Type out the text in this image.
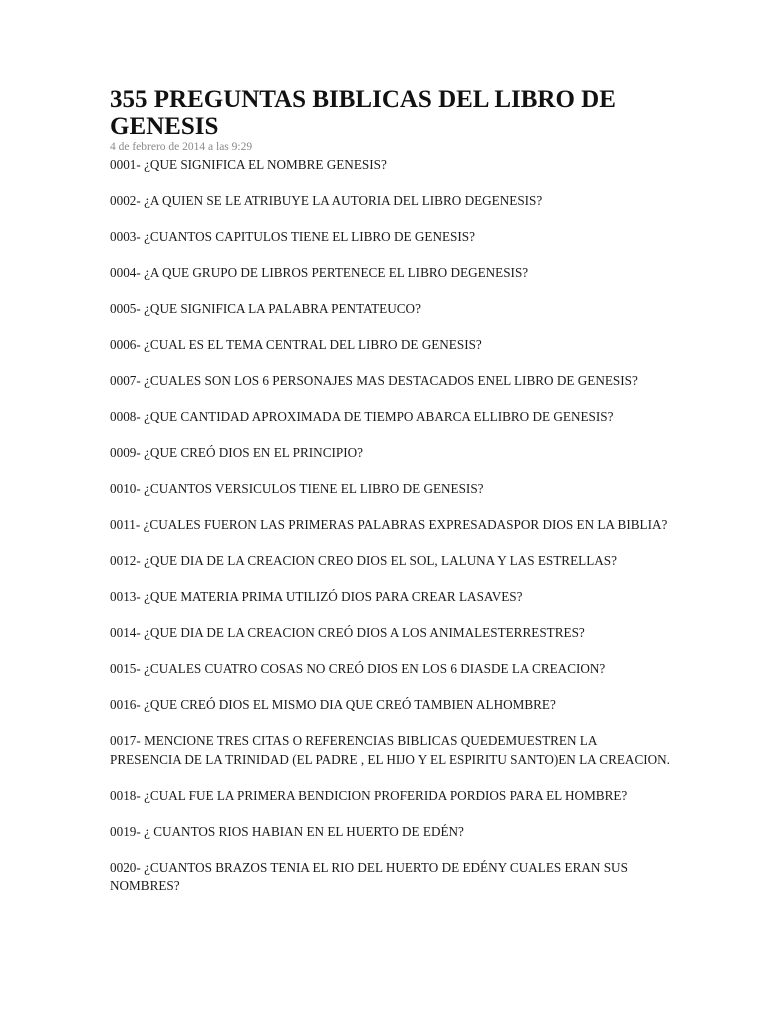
355 PREGUNTAS BIBLICAS DEL LIBRO DE GENESIS
4 de febrero de 2014 a las 9:29
0001- ¿QUE SIGNIFICA EL NOMBRE GENESIS?
0002- ¿A QUIEN SE LE ATRIBUYE LA AUTORIA DEL LIBRO DEGENESIS?
0003- ¿CUANTOS CAPITULOS TIENE EL LIBRO DE GENESIS?
0004- ¿A QUE GRUPO DE LIBROS PERTENECE EL LIBRO DEGENESIS?
0005- ¿QUE SIGNIFICA LA PALABRA PENTATEUCO?
0006- ¿CUAL ES EL TEMA CENTRAL DEL LIBRO DE GENESIS?
0007- ¿CUALES SON LOS 6 PERSONAJES MAS DESTACADOS ENEL LIBRO DE GENESIS?
0008- ¿QUE CANTIDAD APROXIMADA DE TIEMPO ABARCA ELLIBRO DE GENESIS?
0009- ¿QUE CREÓ DIOS EN EL PRINCIPIO?
0010- ¿CUANTOS VERSICULOS TIENE EL LIBRO DE GENESIS?
0011- ¿CUALES FUERON LAS PRIMERAS PALABRAS EXPRESADASPOR DIOS EN LA BIBLIA?
0012- ¿QUE DIA DE LA CREACION CREO DIOS EL SOL, LALUNA Y LAS ESTRELLAS?
0013- ¿QUE MATERIA PRIMA UTILIZÓ DIOS PARA CREAR LASAVES?
0014- ¿QUE DIA DE LA CREACION CREÓ DIOS A LOS ANIMALESTERRESTRES?
0015- ¿CUALES CUATRO COSAS NO CREÓ DIOS EN LOS 6 DIASDE LA CREACION?
0016- ¿QUE CREÓ DIOS EL MISMO DIA QUE CREÓ TAMBIEN ALHOMBRE?
0017- MENCIONE TRES CITAS O REFERENCIAS BIBLICAS QUEDEMUESTREN LA PRESENCIA DE LA TRINIDAD (EL PADRE , EL HIJO Y EL ESPIRITU SANTO)EN LA CREACION.
0018- ¿CUAL FUE LA PRIMERA BENDICION PROFERIDA PORDIOS PARA EL HOMBRE?
0019- ¿ CUANTOS RIOS HABIAN EN EL HUERTO DE EDÉN?
0020- ¿CUANTOS BRAZOS TENIA EL RIO DEL HUERTO DE EDÉNY CUALES ERAN SUS NOMBRES?
